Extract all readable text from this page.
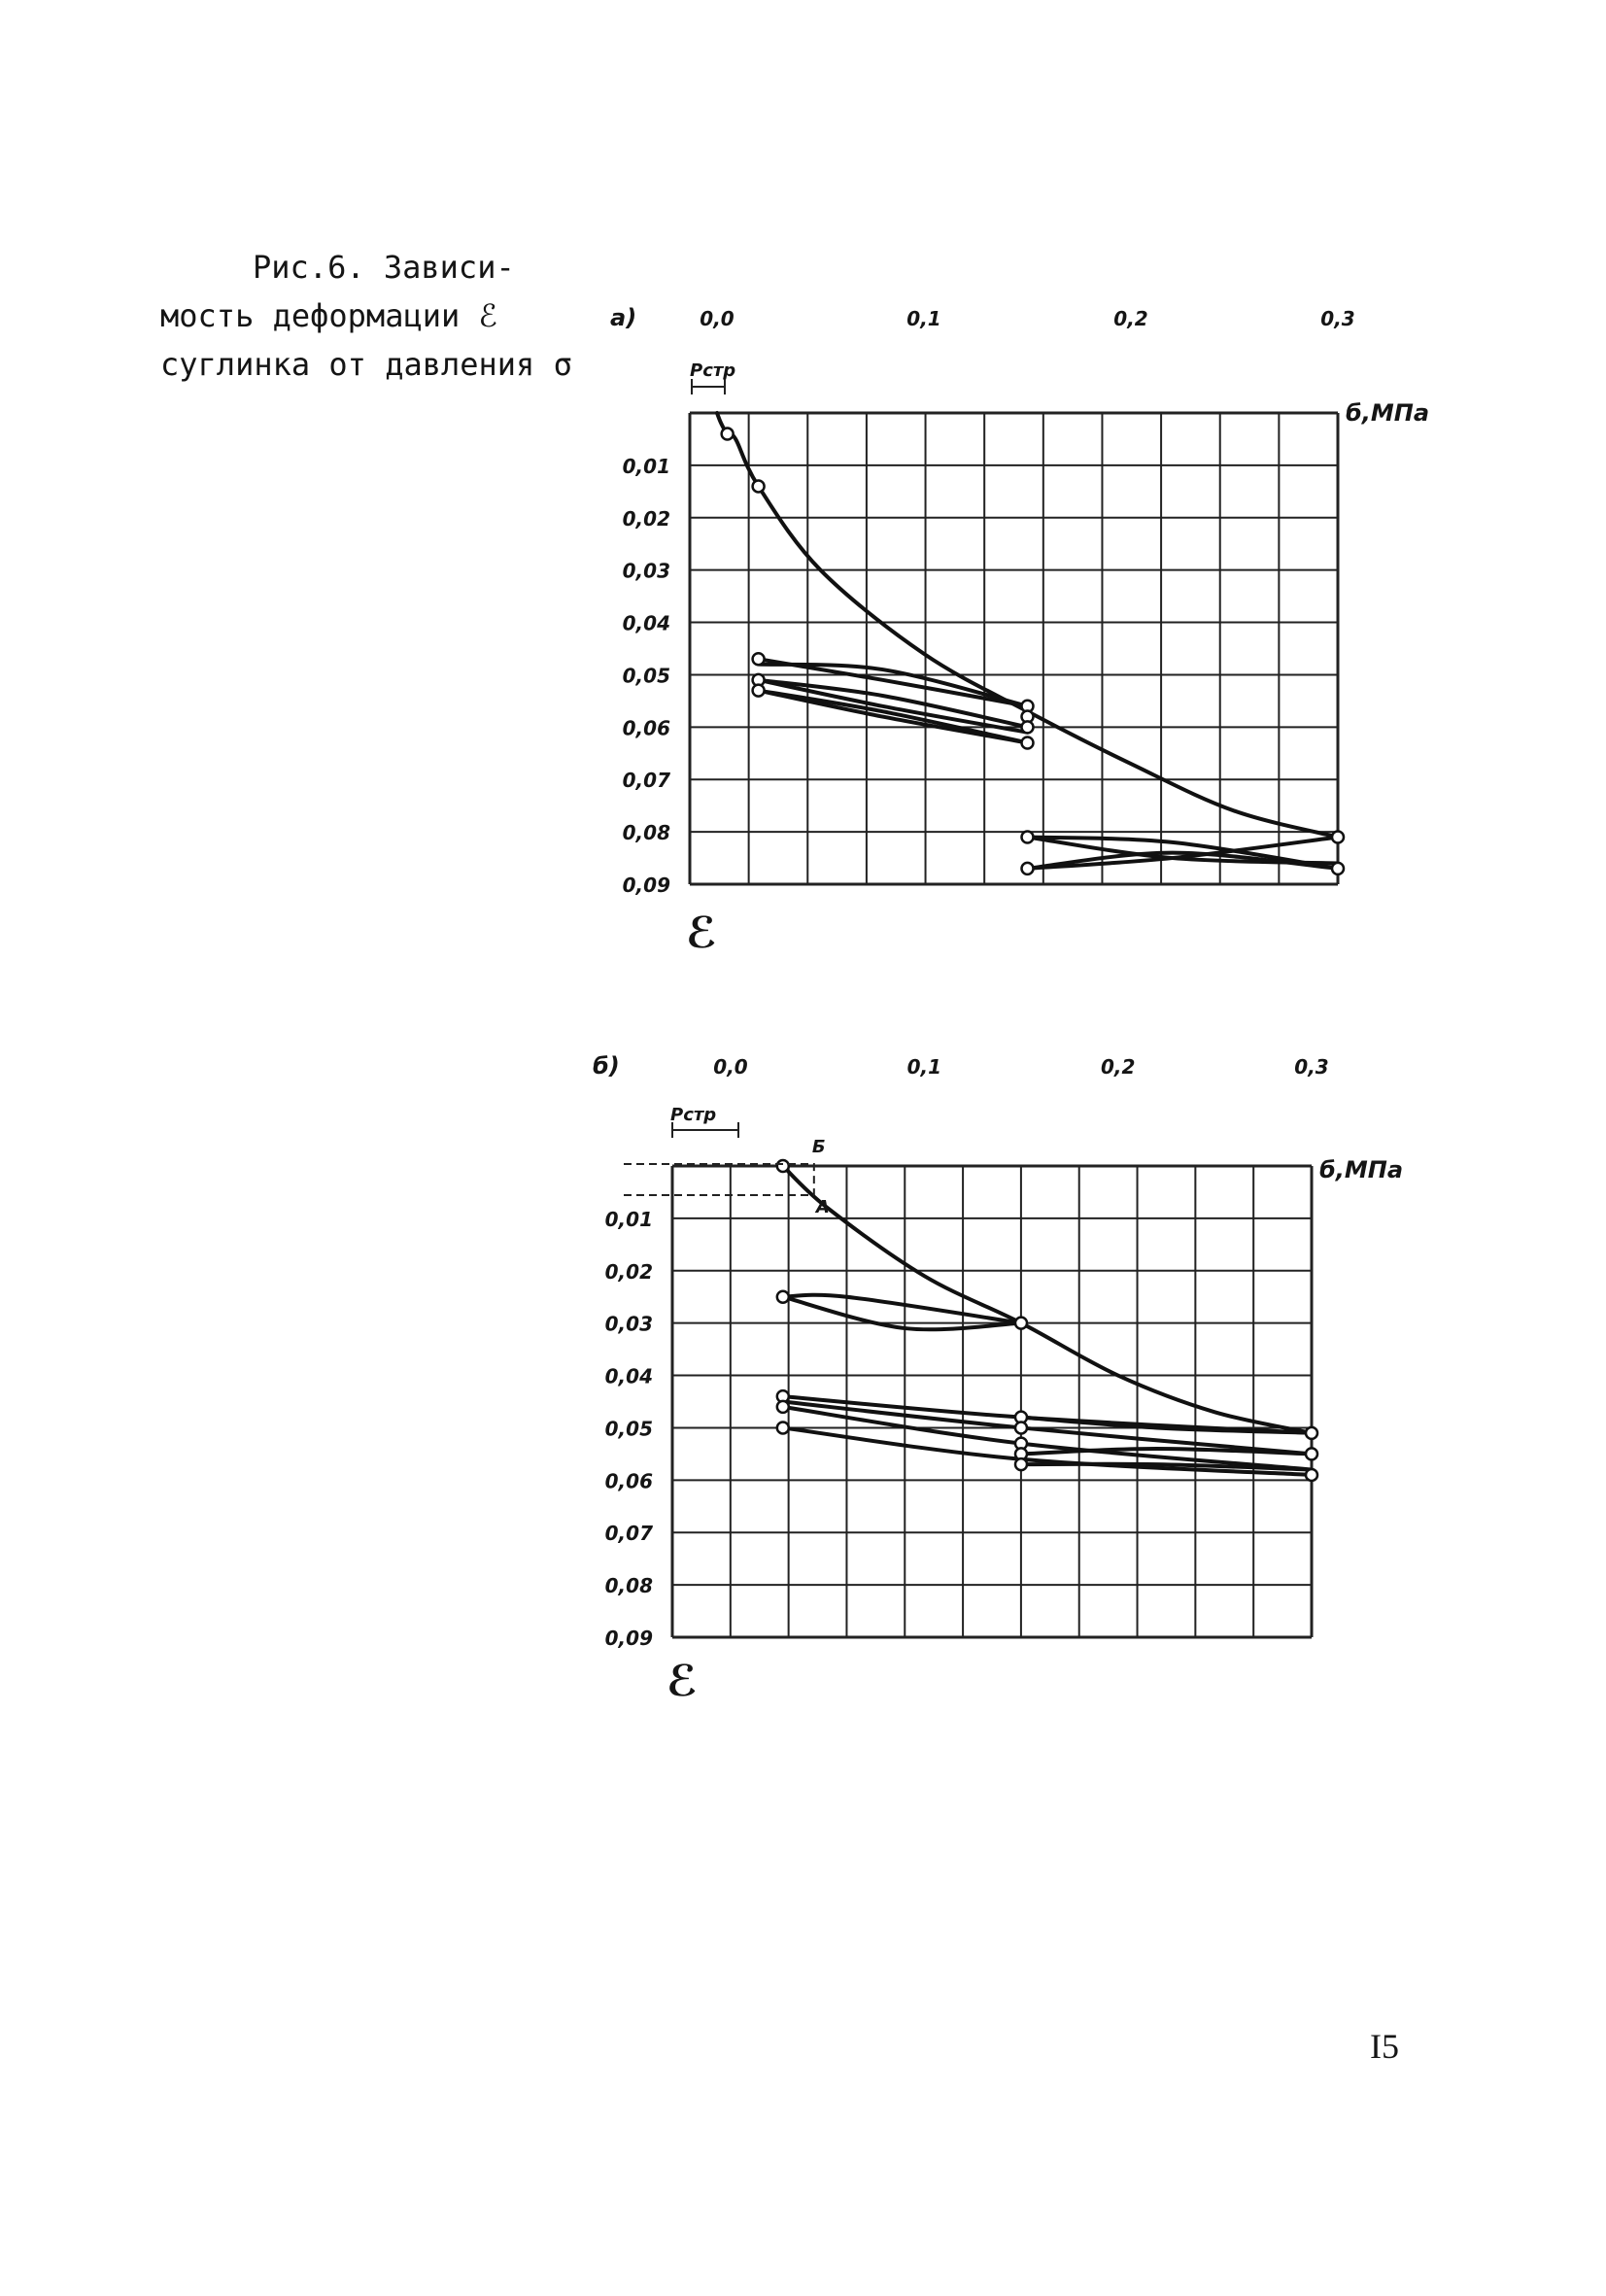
Рис.6. Зависи-
мость деформации ℰ
суглинка от давления σ
а)	0,0	0,1	0,2	0,3
0,01
0,02
0,03
0,04
0,05
0,06
0,07
0,08
0,09
б,МПа
ℰ
Pстр
б)	0,0	0,1	0,2	0,3
0,01
0,02
0,03
0,04
0,05
0,06
0,07
0,08
0,09
б,МПа
ℰ
Pстр
Б
А
I5
